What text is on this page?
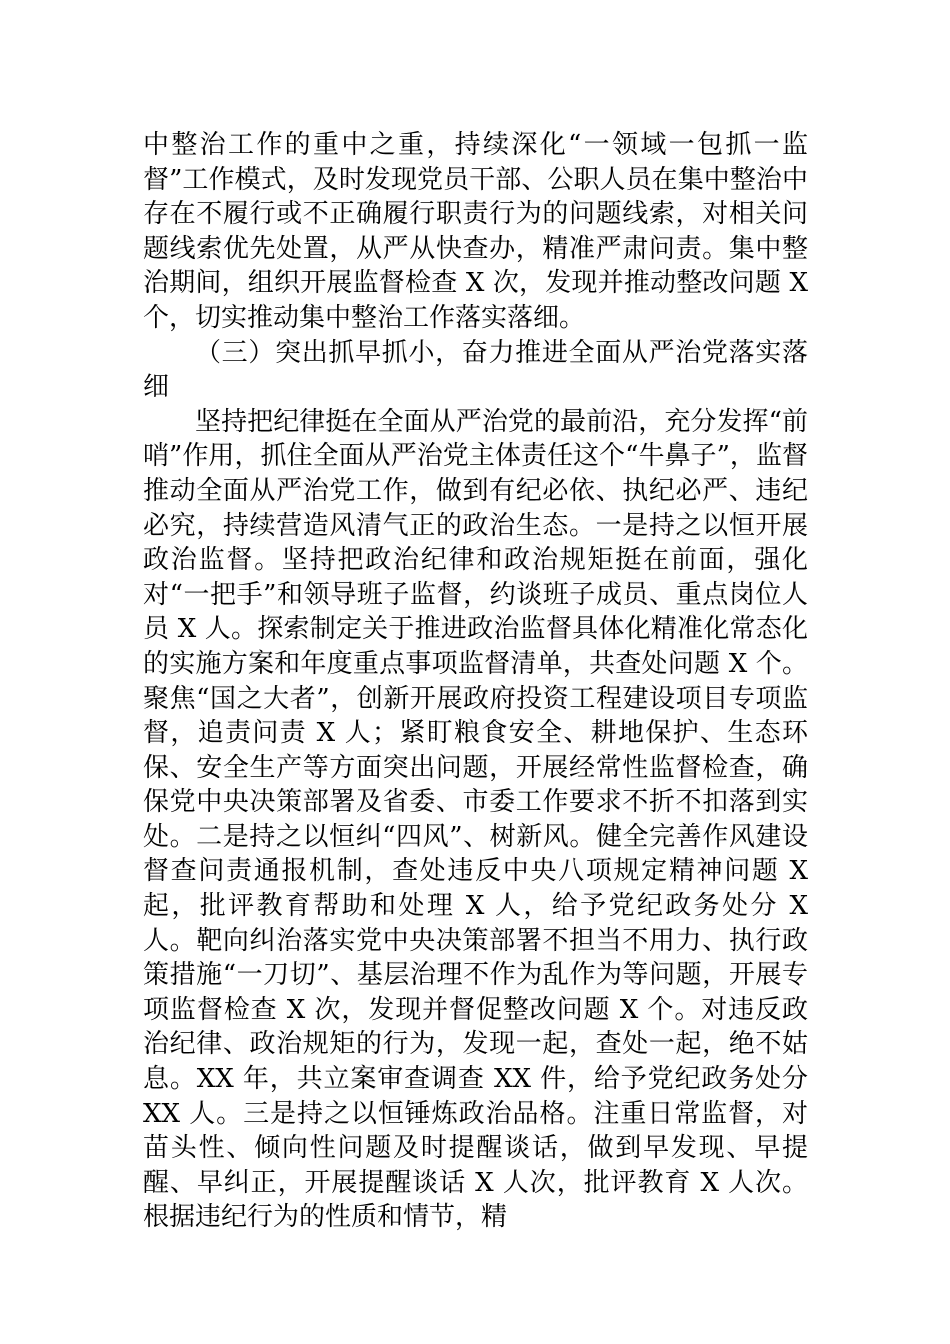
中整治工作的重中之重，持续深化“一领域一包抓一监督”工作模式，及时发现党员干部、公职人员在集中整治中存在不履行或不正确履行职责行为的问题线索，对相关问题线索优先处置，从严从快查办，精准严肃问责。集中整治期间，组织开展监督检查 X 次，发现并推动整改问题 X 个，切实推动集中整治工作落实落细。

（三）突出抓早抓小，奋力推进全面从严治党落实落细

坚持把纪律挺在全面从严治党的最前沿，充分发挥“前哨”作用，抓住全面从严治党主体责任这个“牛鼻子”，监督推动全面从严治党工作，做到有纪必依、执纪必严、违纪必究，持续营造风清气正的政治生态。一是持之以恒开展政治监督。坚持把政治纪律和政治规矩挺在前面，强化对“一把手”和领导班子监督，约谈班子成员、重点岗位人员 X 人。探索制定关于推进政治监督具体化精准化常态化的实施方案和年度重点事项监督清单，共查处问题 X 个。聚焦“国之大者”，创新开展政府投资工程建设项目专项监督，追责问责 X 人；紧盯粮食安全、耕地保护、生态环保、安全生产等方面突出问题，开展经常性监督检查，确保党中央决策部署及省委、市委工作要求不折不扣落到实处。二是持之以恒纠“四风”、树新风。健全完善作风建设督查问责通报机制，查处违反中央八项规定精神问题 X 起，批评教育帮助和处理 X 人，给予党纪政务处分 X 人。靶向纠治落实党中央决策部署不担当不用力、执行政策措施“一刀切”、基层治理不作为乱作为等问题，开展专项监督检查 X 次，发现并督促整改问题 X 个。对违反政治纪律、政治规矩的行为，发现一起，查处一起，绝不姑息。XX 年，共立案审查调查 XX 件，给予党纪政务处分 XX 人。三是持之以恒锤炼政治品格。注重日常监督，对苗头性、倾向性问题及时提醒谈话，做到早发现、早提醒、早纠正，开展提醒谈话 X 人次，批评教育 X 人次。根据违纪行为的性质和情节，精
